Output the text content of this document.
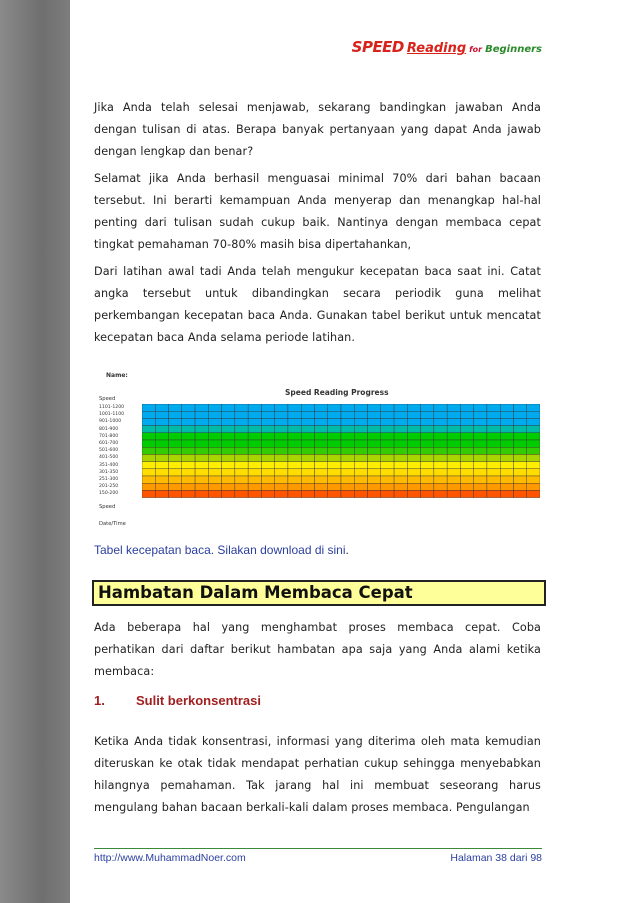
SPEED Reading for Beginners

Jika Anda telah selesai menjawab, sekarang bandingkan jawaban Anda dengan tulisan di atas. Berapa banyak pertanyaan yang dapat Anda jawab dengan lengkap dan benar?

Selamat jika Anda berhasil menguasai minimal 70% dari bahan bacaan tersebut. Ini berarti kemampuan Anda menyerap dan menangkap hal-hal penting dari tulisan sudah cukup baik. Nantinya dengan membaca cepat tingkat pemahaman 70-80% masih bisa dipertahankan,

Dari latihan awal tadi Anda telah mengukur kecepatan baca saat ini. Catat angka tersebut untuk dibandingkan secara periodik guna melihat perkembangan kecepatan baca Anda. Gunakan tabel berikut untuk mencatat kecepatan baca Anda selama periode latihan.

Name:
Speed Reading Progress
Speed
1101-1200
1001-1100
901-1000
801-900
701-800
601-700
501-600
401-500
351-400
301-350
251-300
201-250
150-200
Speed
Date/Time
Tabel kecepatan baca. Silakan download di sini.
Hambatan Dalam Membaca Cepat

Ada beberapa hal yang menghambat proses membaca cepat. Coba perhatikan dari daftar berikut hambatan apa saja yang Anda alami ketika membaca:

1. Sulit berkonsentrasi

Ketika Anda tidak konsentrasi, informasi yang diterima oleh mata kemudian diteruskan ke otak tidak mendapat perhatian cukup sehingga menyebabkan hilangnya pemahaman. Tak jarang hal ini membuat seseorang harus mengulang bahan bacaan berkali-kali dalam proses membaca. Pengulangan

http://www.MuhammadNoer.com	Halaman 38 dari 98
